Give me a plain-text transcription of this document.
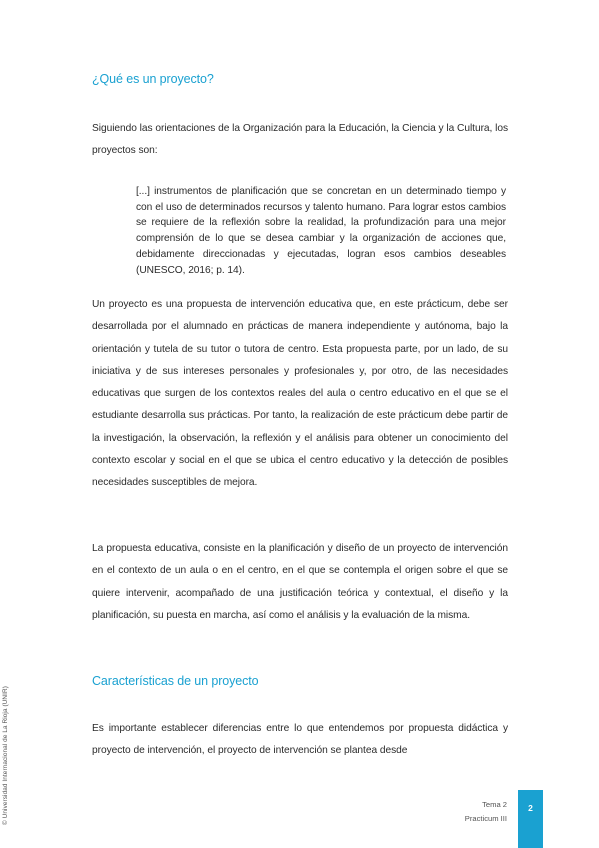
¿Qué es un proyecto?

Siguiendo las orientaciones de la Organización para la Educación, la Ciencia y la Cultura, los proyectos son:

[...] instrumentos de planificación que se concretan en un determinado tiempo y con el uso de determinados recursos y talento humano. Para lograr estos cambios se requiere de la reflexión sobre la realidad, la profundización para una mejor comprensión de lo que se desea cambiar y la organización de acciones que, debidamente direccionadas y ejecutadas, logran esos cambios deseables (UNESCO, 2016; p. 14).

Un proyecto es una propuesta de intervención educativa que, en este prácticum, debe ser desarrollada por el alumnado en prácticas de manera independiente y autónoma, bajo la orientación y tutela de su tutor o tutora de centro. Esta propuesta parte, por un lado, de su iniciativa y de sus intereses personales y profesionales y, por otro, de las necesidades educativas que surgen de los contextos reales del aula o centro educativo en el que se el estudiante desarrolla sus prácticas. Por tanto, la realización de este prácticum debe partir de la investigación, la observación, la reflexión y el análisis para obtener un conocimiento del contexto escolar y social en el que se ubica el centro educativo y la detección de posibles necesidades susceptibles de mejora.

La propuesta educativa, consiste en la planificación y diseño de un proyecto de intervención en el contexto de un aula o en el centro, en el que se contempla el origen sobre el que se quiere intervenir, acompañado de una justificación teórica y contextual, el diseño y la planificación, su puesta en marcha, así como el análisis y la evaluación de la misma.

Características de un proyecto

Es importante establecer diferencias entre lo que entendemos por propuesta didáctica y proyecto de intervención, el proyecto de intervención se plantea desde

© Universidad Internacional de La Rioja (UNIR)	Tema 2
Practicum III
2
